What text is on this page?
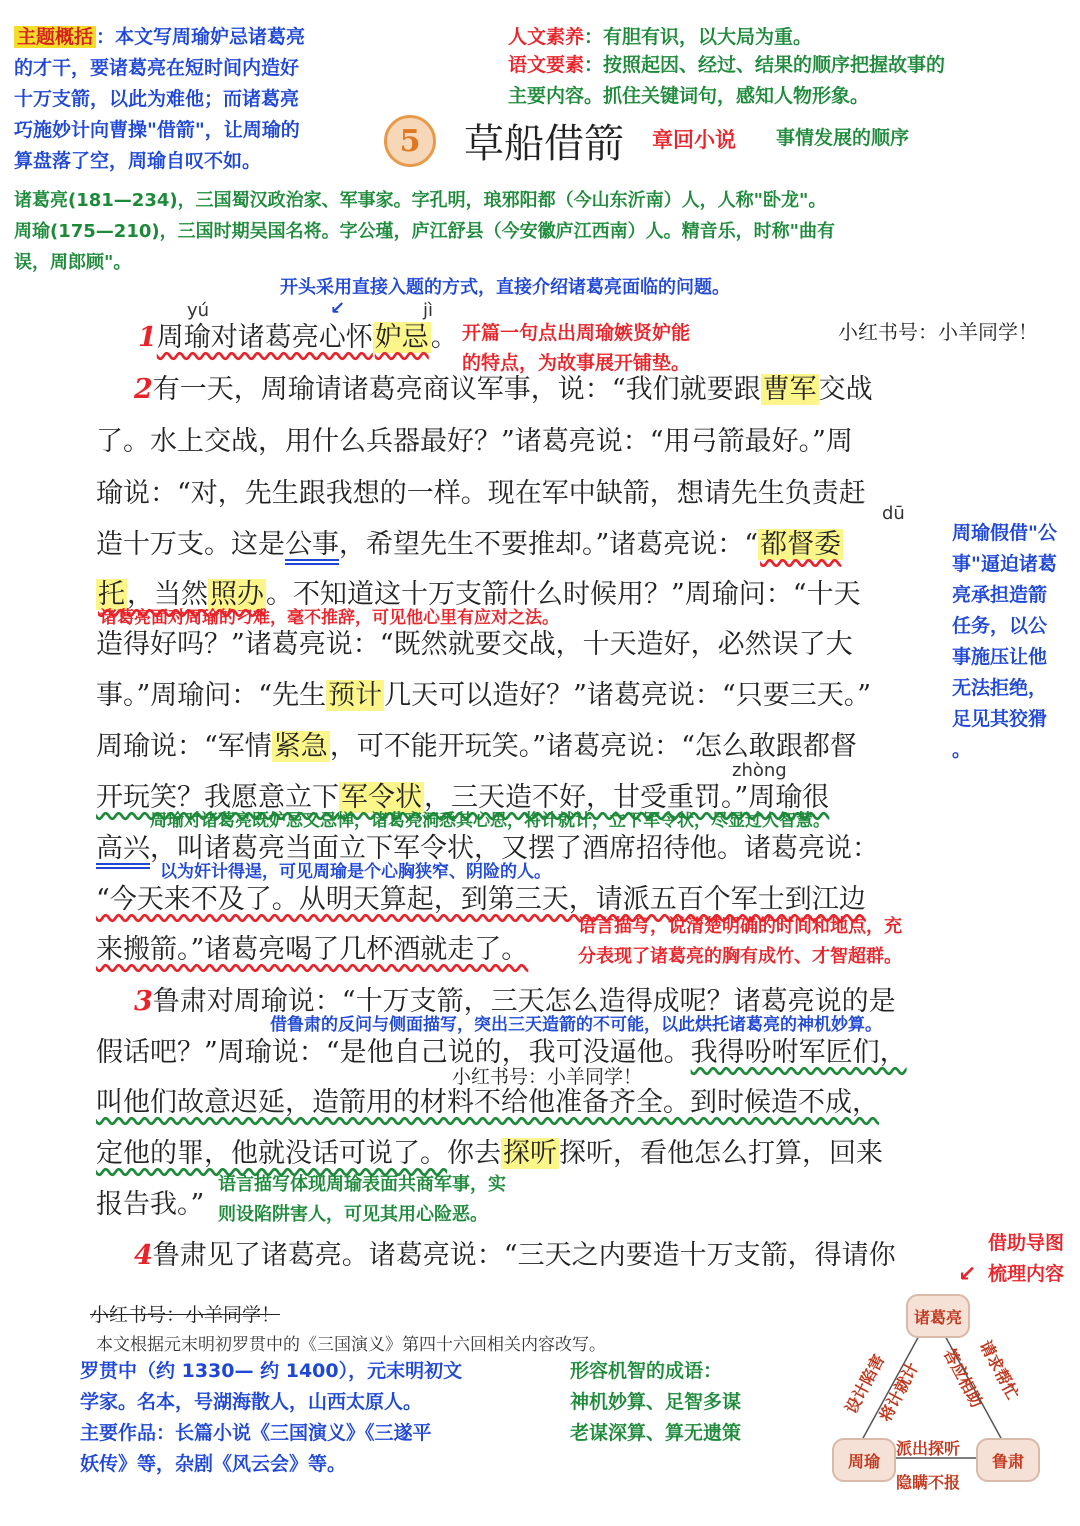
主题概括 ：本文写周瑜妒忌诸葛亮
的才干，要诸葛亮在短时间内造好
十万支箭，以此为难他；而诸葛亮
巧施妙计向曹操"借箭"，让周瑜的
算盘落了空，周瑜自叹不如。
人文素养：有胆有识，以大局为重。
语文要素：按照起因、经过、结果的顺序把握故事的
主要内容。抓住关键词句，感知人物形象。
5 草船借箭 章回小说 事情发展的顺序
诸葛亮(181—234)，三国蜀汉政治家、军事家。字孔明，琅邪阳都（今山东沂南）人，人称"卧龙"。
周瑜(175—210)，三国时期吴国名将。字公瑾，庐江舒县（今安徽庐江西南）人。精音乐，时称"曲有
误，周郎顾"。
开头采用直接入题的方式，直接介绍诸葛亮面临的问题。
↙
小红书号：小羊同学！
yú	jì
dū
zhòng
1周瑜对诸葛亮心怀妒忌。 开篇一句点出周瑜嫉贤妒能
的特点，为故事展开铺垫。
2有一天，周瑜请诸葛亮商议军事，说：“我们就要跟曹军交战
了。水上交战，用什么兵器最好？”诸葛亮说：“用弓箭最好。”周
瑜说：“对，先生跟我想的一样。现在军中缺箭，想请先生负责赶
造十万支。这是公事，希望先生不要推却。”诸葛亮说：“都督委
托，当然照办。不知道这十万支箭什么时候用？”周瑜问：“十天
诸葛亮面对周瑜的刁难，毫不推辞，可见他心里有应对之法。
造得好吗？”诸葛亮说：“既然就要交战，十天造好，必然误了大
事。”周瑜问：“先生预计几天可以造好？”诸葛亮说：“只要三天。”
周瑜说：“军情紧急，可不能开玩笑。”诸葛亮说：“怎么敢跟都督
开玩笑？我愿意立下军令状，三天造不好，甘受重罚。”周瑜很
周瑜对诸葛亮既妒忌又忌惮，诸葛亮洞悉其心思，将计就计，立下军令状，尽显过人智慧。
高兴，叫诸葛亮当面立下军令状，又摆了酒席招待他。诸葛亮说：
以为奸计得逞，可见周瑜是个心胸狭窄、阴险的人。
“今天来不及了。从明天算起，到第三天，请派五百个军士到江边
来搬箭。”诸葛亮喝了几杯酒就走了。
语言描写，说清楚明确的时间和地点，充
分表现了诸葛亮的胸有成竹、才智超群。
3鲁肃对周瑜说：“十万支箭，三天怎么造得成呢？诸葛亮说的是
借鲁肃的反问与侧面描写，突出三天造箭的不可能，以此烘托诸葛亮的神机妙算。
假话吧？”周瑜说：“是他自己说的，我可没逼他。我得吩咐军匠们，
小红书号：小羊同学！
叫他们故意迟延，造箭用的材料不给他准备齐全。到时候造不成，
定他的罪，他就没话可说了。你去探听探听，看他怎么打算，回来
报告我。”
语言描写体现周瑜表面共商军事，实
则设陷阱害人，可见其用心险恶。
4鲁肃见了诸葛亮。诸葛亮说：“三天之内要造十万支箭，得请你
周瑜假借"公
事"逼迫诸葛
亮承担造箭
任务，以公
事施压让他
无法拒绝，
足见其狡猾
。
小红书号：小羊同学！
本文根据元末明初罗贯中的《三国演义》第四十六回相关内容改写。
罗贯中（约 1330— 约 1400），元末明初文
学家。名本，号湖海散人，山西太原人。
主要作品：长篇小说《三国演义》《三遂平
妖传》等，杂剧《风云会》等。
形容机智的成语：
神机妙算、足智多谋
老谋深算、算无遗策
借助导图
梳理内容
↙
诸葛亮
周瑜	鲁肃
设计陷害
将计就计	请求帮忙
答应相助
派出探听
隐瞒不报
